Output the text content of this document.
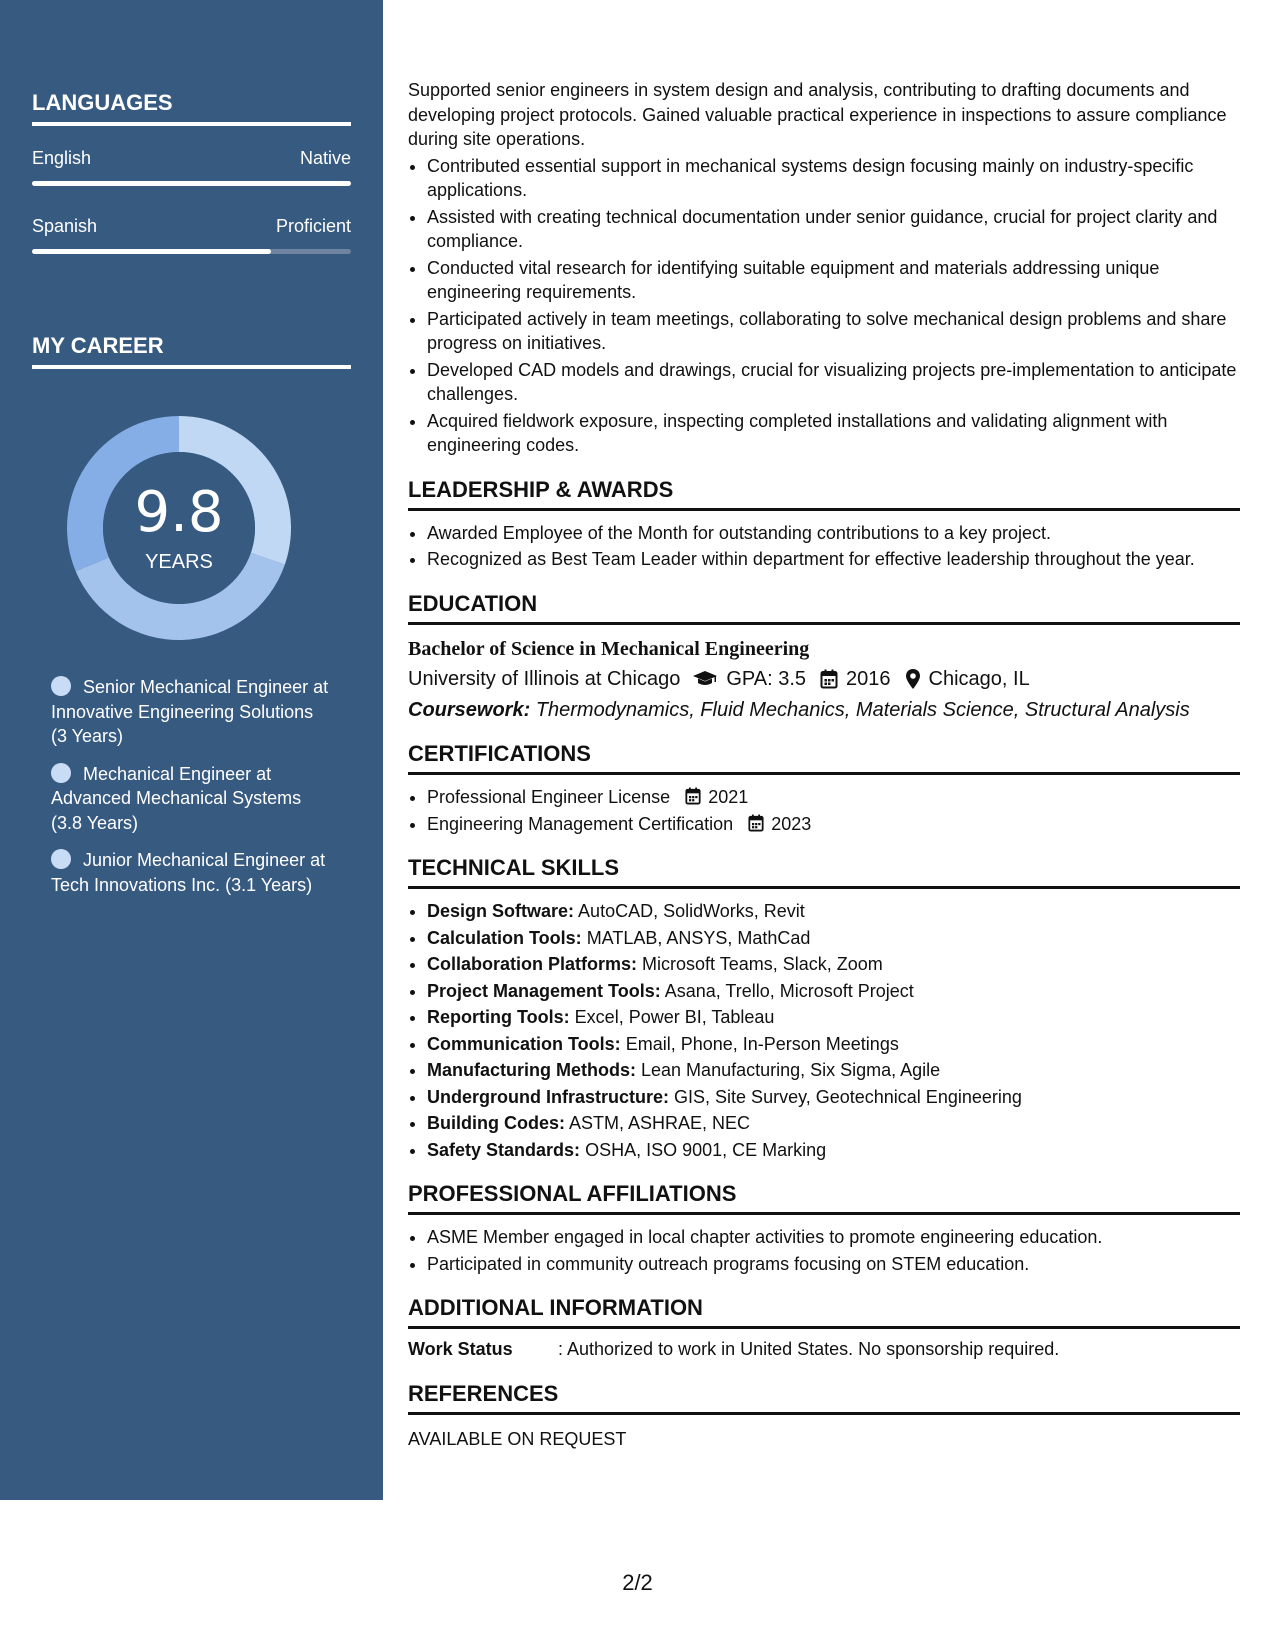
LANGUAGES
English	Native
Spanish	Proficient
MY CAREER
9.8
YEARS
Senior Mechanical Engineer at Innovative Engineering Solutions (3 Years)
Mechanical Engineer at Advanced Mechanical Systems (3.8 Years)
Junior Mechanical Engineer at Tech Innovations Inc. (3.1 Years)

Supported senior engineers in system design and analysis, contributing to drafting documents and developing project protocols. Gained valuable practical experience in inspections to assure compliance during site operations.

• Contributed essential support in mechanical systems design focusing mainly on industry-specific applications.
• Assisted with creating technical documentation under senior guidance, crucial for project clarity and compliance.
• Conducted vital research for identifying suitable equipment and materials addressing unique engineering requirements.
• Participated actively in team meetings, collaborating to solve mechanical design problems and share progress on initiatives.
• Developed CAD models and drawings, crucial for visualizing projects pre-implementation to anticipate challenges.
• Acquired fieldwork exposure, inspecting completed installations and validating alignment with engineering codes.
LEADERSHIP & AWARDS
• Awarded Employee of the Month for outstanding contributions to a key project.
• Recognized as Best Team Leader within department for effective leadership throughout the year.
EDUCATION
Bachelor of Science in Mechanical Engineering
University of Illinois at Chicago GPA: 3.5 2016 Chicago, IL
Coursework: Thermodynamics, Fluid Mechanics, Materials Science, Structural Analysis
CERTIFICATIONS
• Professional Engineer License 2021
• Engineering Management Certification 2023
TECHNICAL SKILLS
• Design Software: AutoCAD, SolidWorks, Revit
• Calculation Tools: MATLAB, ANSYS, MathCad
• Collaboration Platforms: Microsoft Teams, Slack, Zoom
• Project Management Tools: Asana, Trello, Microsoft Project
• Reporting Tools: Excel, Power BI, Tableau
• Communication Tools: Email, Phone, In-Person Meetings
• Manufacturing Methods: Lean Manufacturing, Six Sigma, Agile
• Underground Infrastructure: GIS, Site Survey, Geotechnical Engineering
• Building Codes: ASTM, ASHRAE, NEC
• Safety Standards: OSHA, ISO 9001, CE Marking
PROFESSIONAL AFFILIATIONS
• ASME Member engaged in local chapter activities to promote engineering education.
• Participated in community outreach programs focusing on STEM education.
ADDITIONAL INFORMATION
Work Status	: Authorized to work in United States. No sponsorship required.
REFERENCES
AVAILABLE ON REQUEST
2/2
